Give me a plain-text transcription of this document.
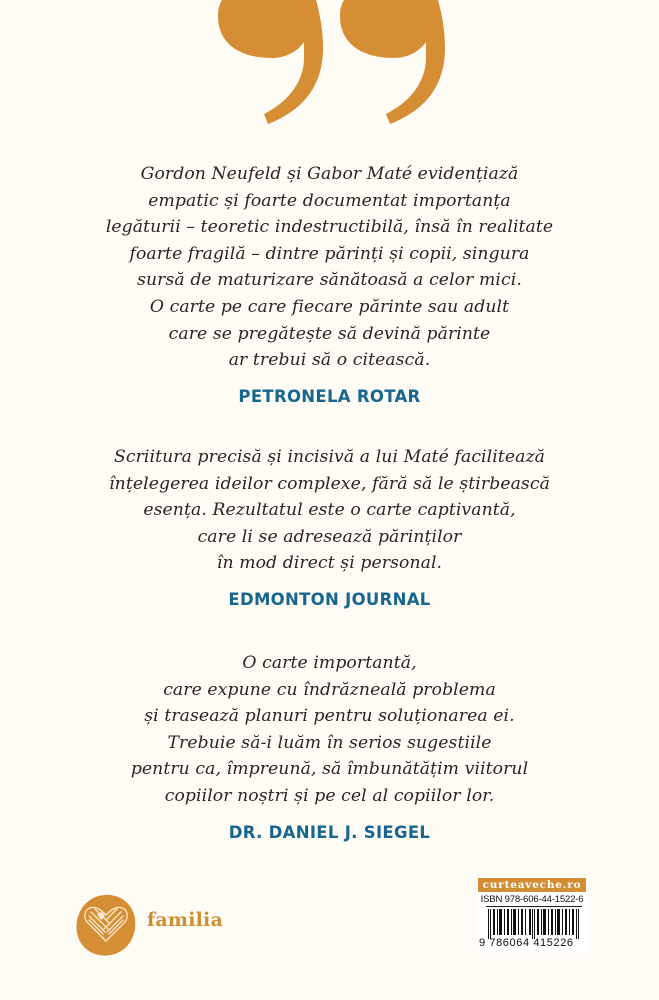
Gordon Neufeld și Gabor Maté evidențiază
empatic și foarte documentat importanța
legăturii – teoretic indestructibilă, însă în realitate
foarte fragilă – dintre părinți și copii, singura
sursă de maturizare sănătoasă a celor mici.
O carte pe care fiecare părinte sau adult
care se pregătește să devină părinte
ar trebui să o citească.
PETRONELA ROTAR
Scriitura precisă și incisivă a lui Maté facilitează
înțelegerea ideilor complexe, fără să le știrbească
esența. Rezultatul este o carte captivantă,
care li se adresează părinților
în mod direct și personal.
EDMONTON JOURNAL
O carte importantă,
care expune cu îndrăzneală problema
și trasează planuri pentru soluționarea ei.
Trebuie să-i luăm în serios sugestiile
pentru ca, împreună, să îmbunătățim viitorul
copiilor noștri și pe cel al copiilor lor.
DR. DANIEL J. SIEGEL
familia
curteaveche.ro
ISBN 978-606-44-1522-6
9 786064 415226
